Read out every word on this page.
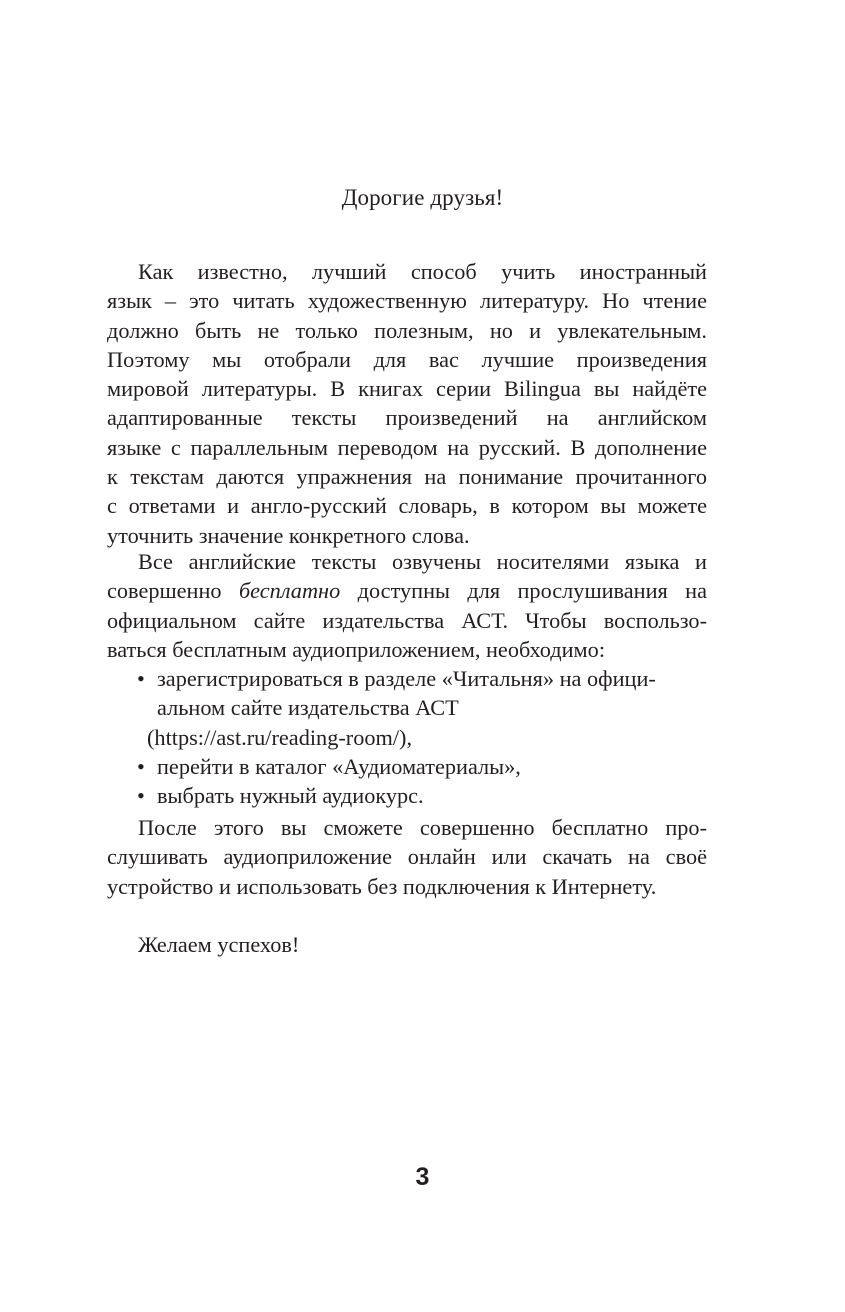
Дорогие друзья!
Как известно, лучший способ учить иностранный
язык – это читать художественную литературу. Но чтение
должно быть не только полезным, но и увлекательным.
Поэтому мы отобрали для вас лучшие произведения
мировой литературы. В книгах серии Bilingua вы найдёте
адаптированные тексты произведений на английском
языке с параллельным переводом на русский. В дополнение
к текстам даются упражнения на понимание прочитанного
с ответами и англо-русский словарь, в котором вы можете
уточнить значение конкретного слова.
Все английские тексты озвучены носителями языка и
совершенно бесплатно доступны для прослушивания на
официальном сайте издательства АСТ. Чтобы воспользо-
ваться бесплатным аудиоприложением, необходимо:
• зарегистрироваться в разделе «Читальня» на офици-
альном сайте издательства АСТ
(https://ast.ru/reading-room/),
• перейти в каталог «Аудиоматериалы»,
• выбрать нужный аудиокурс.
После этого вы сможете совершенно бесплатно про-
слушивать аудиоприложение онлайн или скачать на своё
устройство и использовать без подключения к Интернету.
Желаем успехов!
3
